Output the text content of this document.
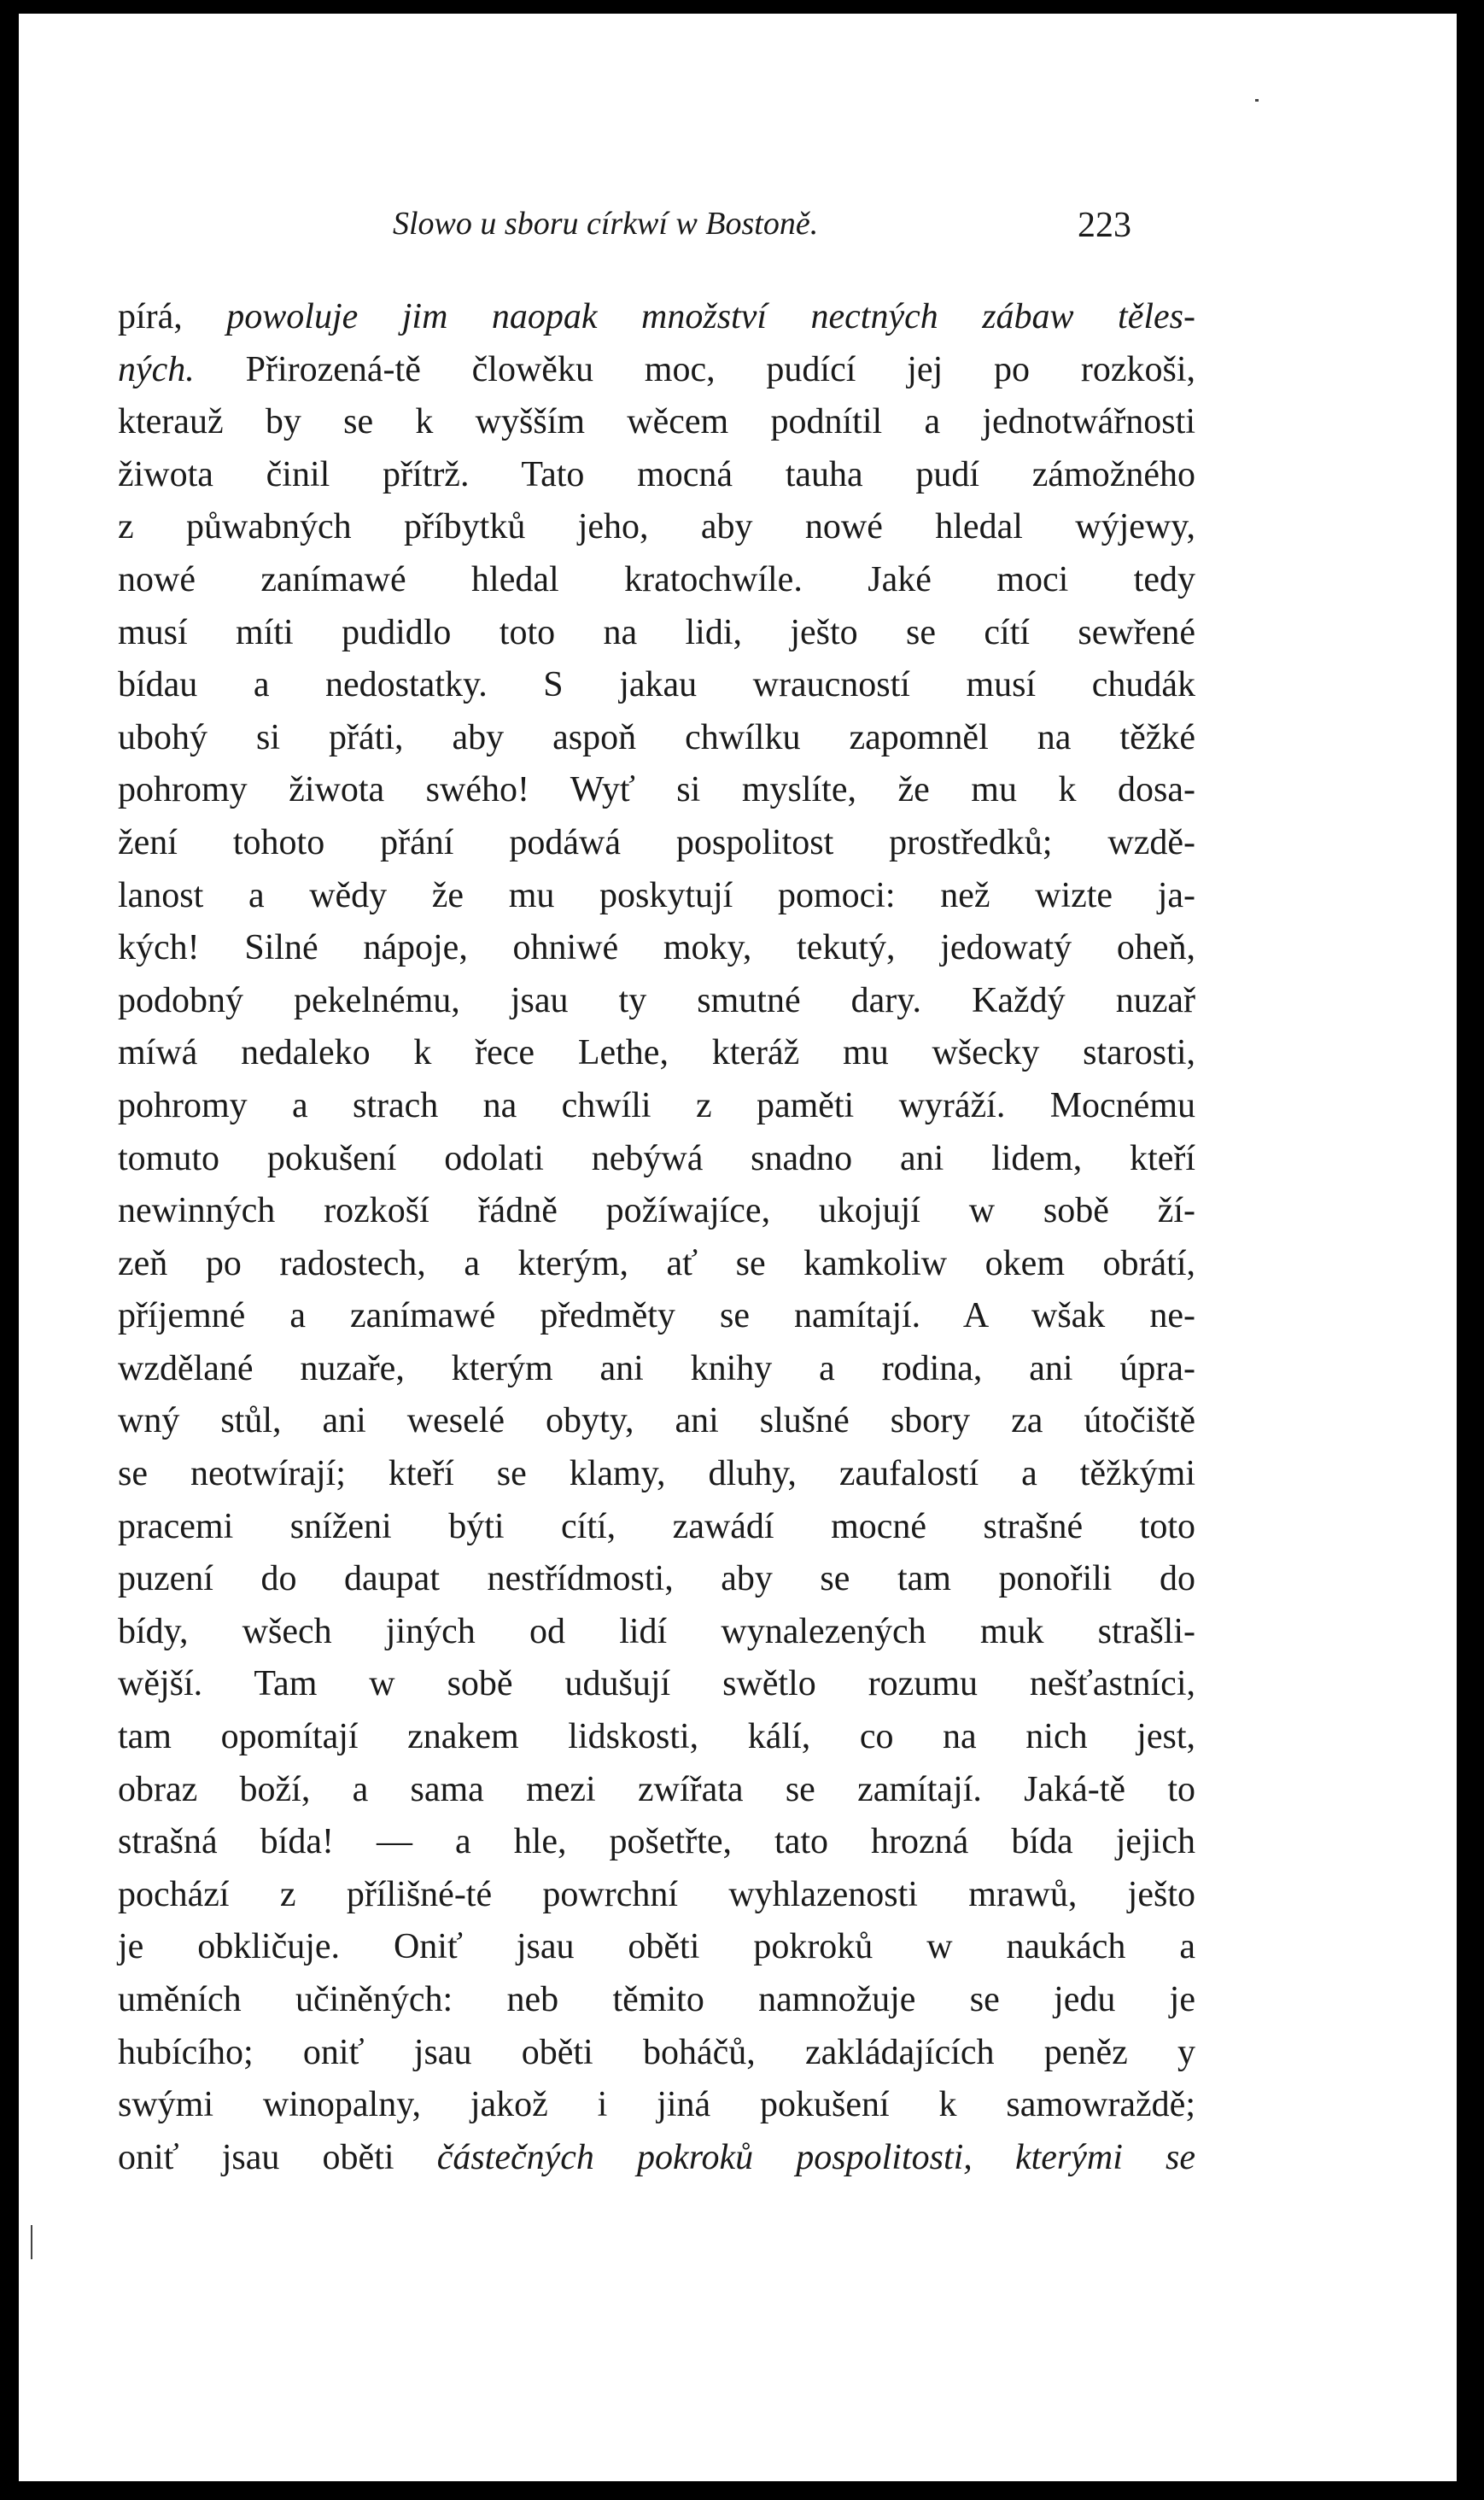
Slowo u sboru církwí w Bostoně.	223
pírá, powoluje jim naopak množství nectných zábaw těles-
ných. Přirozená-tě člowěku moc, pudící jej po rozkoši,
kterauž by se k wyšším wěcem podnítil a jednotwářnosti
žiwota činil přítrž. Tato mocná tauha pudí zámožného
z půwabných příbytků jeho, aby nowé hledal wýjewy,
nowé zanímawé hledal kratochwíle. Jaké moci tedy
musí míti pudidlo toto na lidi, ješto se cítí sewřené
bídau a nedostatky. S jakau wraucností musí chudák
ubohý si přáti, aby aspoň chwílku zapomněl na těžké
pohromy žiwota swého! Wyť si myslíte, že mu k dosa-
žení tohoto přání podáwá pospolitost prostředků; wzdě-
lanost a wědy že mu poskytují pomoci: než wizte ja-
kých! Silné nápoje, ohniwé moky, tekutý, jedowatý oheň,
podobný pekelnému, jsau ty smutné dary. Každý nuzař
míwá nedaleko k řece Lethe, kteráž mu wšecky starosti,
pohromy a strach na chwíli z paměti wyráží. Mocnému
tomuto pokušení odolati nebýwá snadno ani lidem, kteří
newinných rozkoší řádně požíwajíce, ukojují w sobě ží-
zeň po radostech, a kterým, ať se kamkoliw okem obrátí,
příjemné a zanímawé předměty se namítají. A wšak ne-
wzdělané nuzaře, kterým ani knihy a rodina, ani úpra-
wný stůl, ani weselé obyty, ani slušné sbory za útočiště
se neotwírají; kteří se klamy, dluhy, zaufalostí a těžkými
pracemi sníženi býti cítí, zawádí mocné strašné toto
puzení do daupat nestřídmosti, aby se tam ponořili do
bídy, wšech jiných od lidí wynalezených muk strašli-
wější. Tam w sobě udušují swětlo rozumu nešťastníci,
tam opomítají znakem lidskosti, kálí, co na nich jest,
obraz boží, a sama mezi zwířata se zamítají. Jaká-tě to
strašná bída! — a hle, pošetřte, tato hrozná bída jejich
pochází z přílišné-té powrchní wyhlazenosti mrawů, ješto
je obkličuje. Oniť jsau oběti pokroků w naukách a
uměních učiněných: neb těmito namnožuje se jedu je
hubícího; oniť jsau oběti boháčů, zakládajících peněz y
swými winopalny, jakož i jiná pokušení k samowraždě;
oniť jsau oběti částečných pokroků pospolitosti, kterými se
